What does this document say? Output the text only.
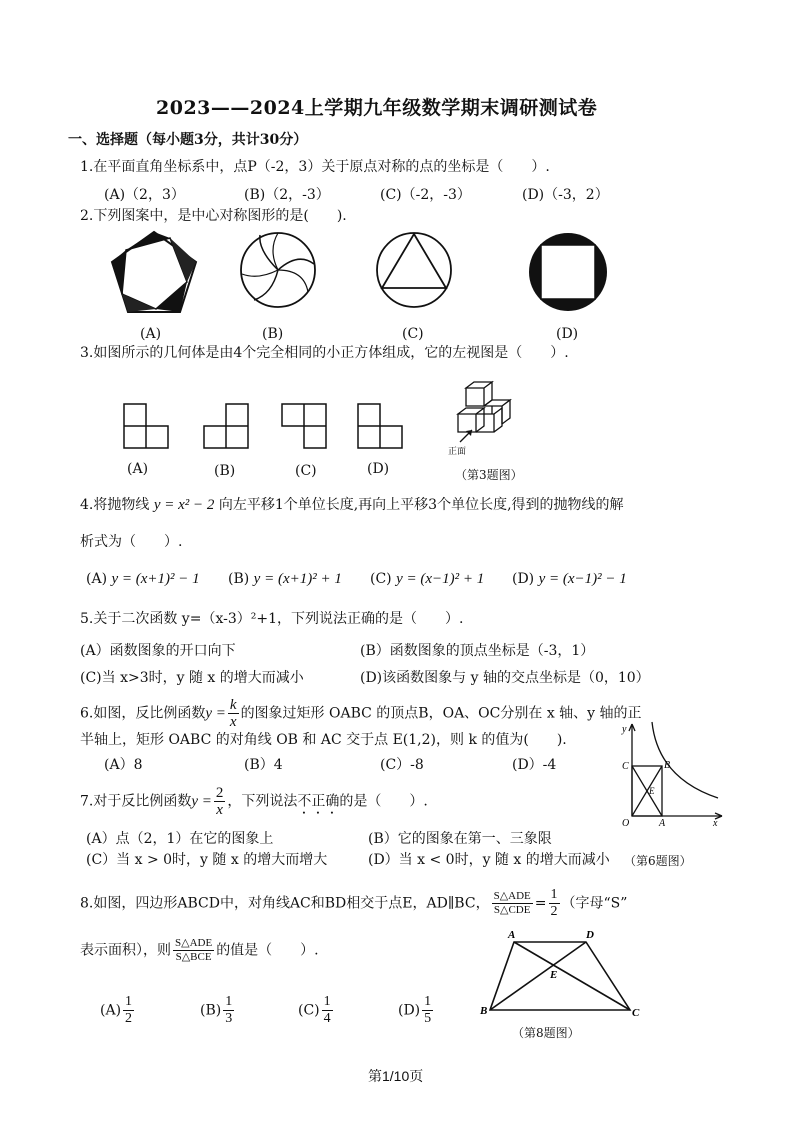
2023——2024上学期九年级数学期末调研测试卷
一、选择题（每小题3分，共计30分）
1.在平面直角坐标系中，点P（-2，3）关于原点对称的点的坐标是（　　）.
(A)（2，3）	(B)（2，-3）	(C)（-2，-3）	(D)（-3，2）
2.下列图案中，是中心对称图形的是(　　).
(A)	(B)	(C)	(D)
3.如图所示的几何体是由4个完全相同的小正方体组成，它的左视图是（　　）.
(A)	(B)	(C)	(D)
正面
（第3题图）
4.将抛物线 y = x² − 2 向左平移1个单位长度,再向上平移3个单位长度,得到的抛物线的解
析式为（　　）.
(A) y = (x+1)² − 1 (B) y = (x+1)² + 1 (C) y = (x−1)² + 1 (D) y = (x−1)² − 1
5.关于二次函数 y=（x-3）²+1，下列说法正确的是（　　）.
(A）函数图象的开口向下	(B）函数图象的顶点坐标是（-3，1）
(C)当 x>3时，y 随 x 的增大而减小	(D)该函数图象与 y 轴的交点坐标是（0，10）
6.如图，反比例函数$y = \frac{k}{x}$ 的图象过矩形 OABC 的顶点B，OA、OC分别在 x 轴、y 轴的正
半轴上，矩形 OABC 的对角线 OB 和 AC 交于点 E(1,2)，则 k 的值为(　　).
(A）8	(B）4	(C）-8	(D）-4
y
C	B
E
O	A	x
（第6题图）
7.对于反比例函数$y = \frac{2}{x}$ ，下列说法不正确的是（　　）.
(A）点（2，1）在它的图象上	(B）它的图象在第一、三象限
(C）当 x > 0时，y 随 x 的增大而增大	(D）当 x < 0时，y 随 x 的增大而减小
8.如图，四边形ABCD中，对角线AC和BD相交于点E，AD∥BC， $\frac{\text{S△ADE}}{\text{S△CDE}} = \frac{1}{2}$ （字母“S”
表示面积），则 $\frac{\text{S△ADE}}{\text{S△BCE}}$ 的值是（　　）.
$(A) \frac{1}{2}$	$(B) \frac{1}{3}$	$(C) \frac{1}{4}$	$(D) \frac{1}{5}$
A	D
E
B	C
（第8题图）
第1/10页
